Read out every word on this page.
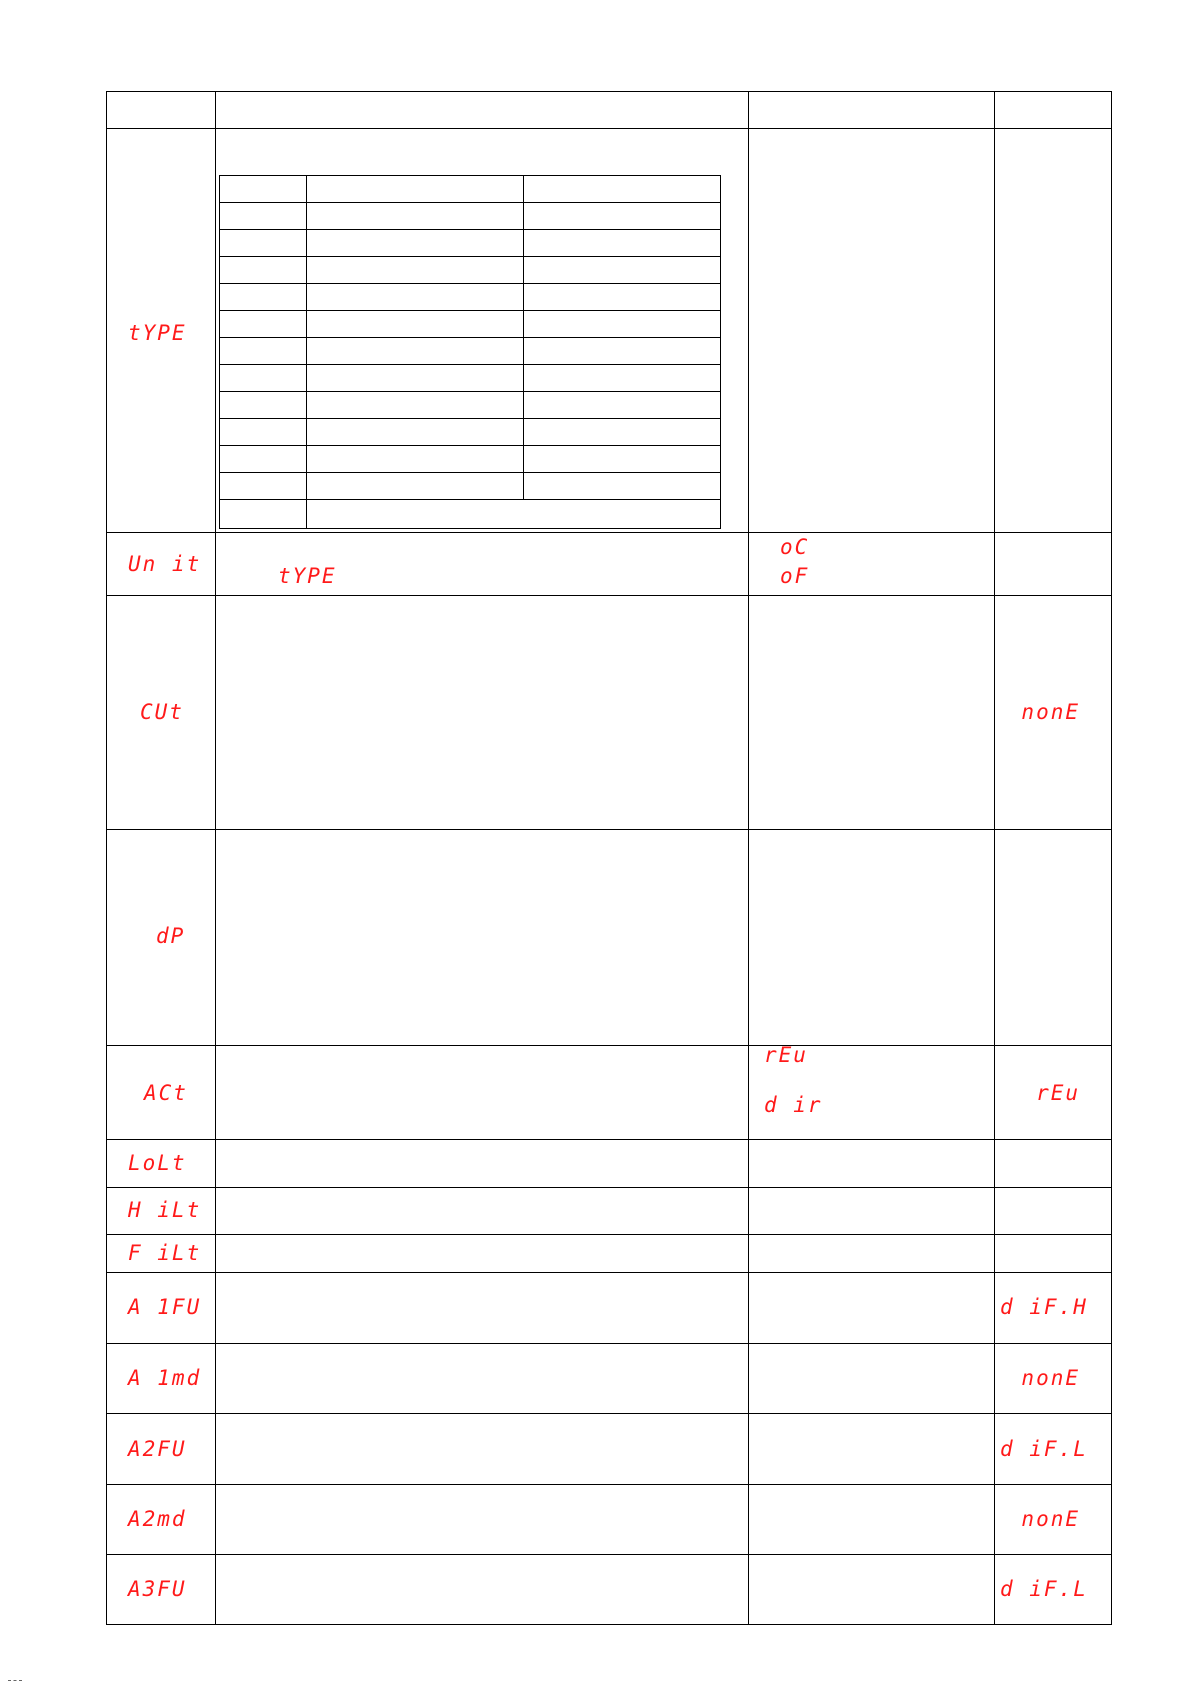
tYPE
Un it
CUt
dP
ACt
LoLt
H iLt
F iLt
A 1FU
A 1md
A2FU
A2md
A3FU
tYPE
oC
oF
rEu
d ir
nonE
rEu
d iF.H
nonE
d iF.L
nonE
d iF.L
